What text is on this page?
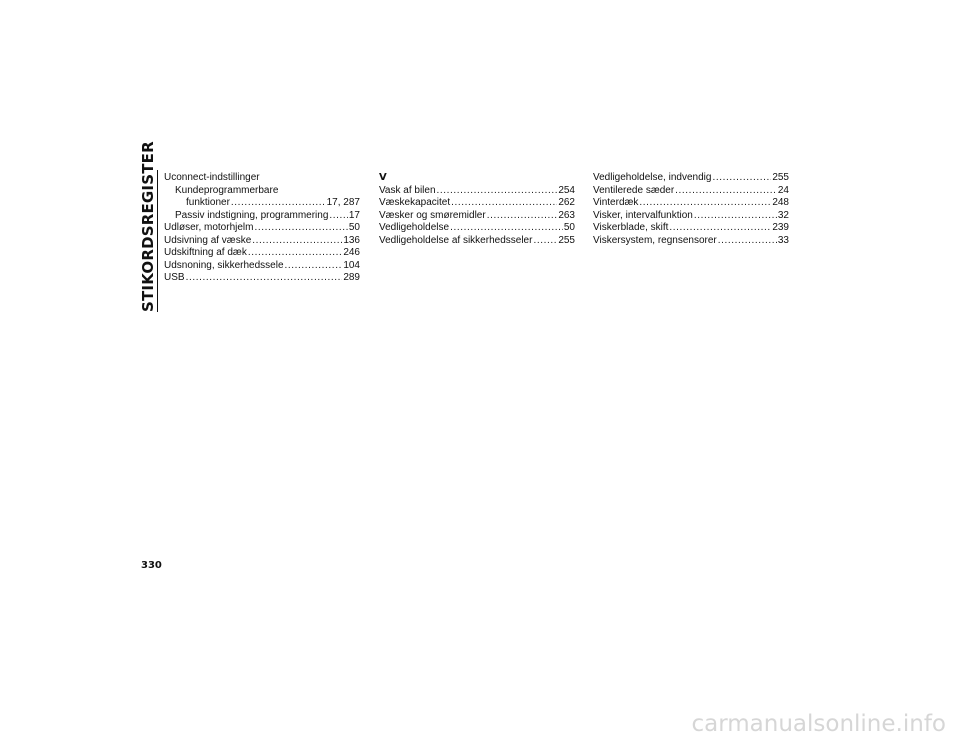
STIKORDSREGISTER Uconnect-indstillinger
Kundeprogrammerbare
funktioner .....	17, 287
Passiv indstigning, programmering ..... 17
Udløser, motorhjelm .....	50
Udsivning af væske .....	136
Udskiftning af dæk .....	246
Udsnoning, sikkerhedssele .....	104
USB .....	289
V
Vask af bilen .....	254
Væskekapacitet .....	262
Væsker og smøremidler .....	263
Vedligeholdelse .....	50
Vedligeholdelse af sikkerhedsseler .....	255
Vedligeholdelse, indvendig .....	255
Ventilerede sæder .....	24
Vinterdæk .....	248
Visker, intervalfunktion .....	32
Viskerblade, skift .....	239
Viskersystem, regnsensorer .....	33
330
carmanualsonline.info
